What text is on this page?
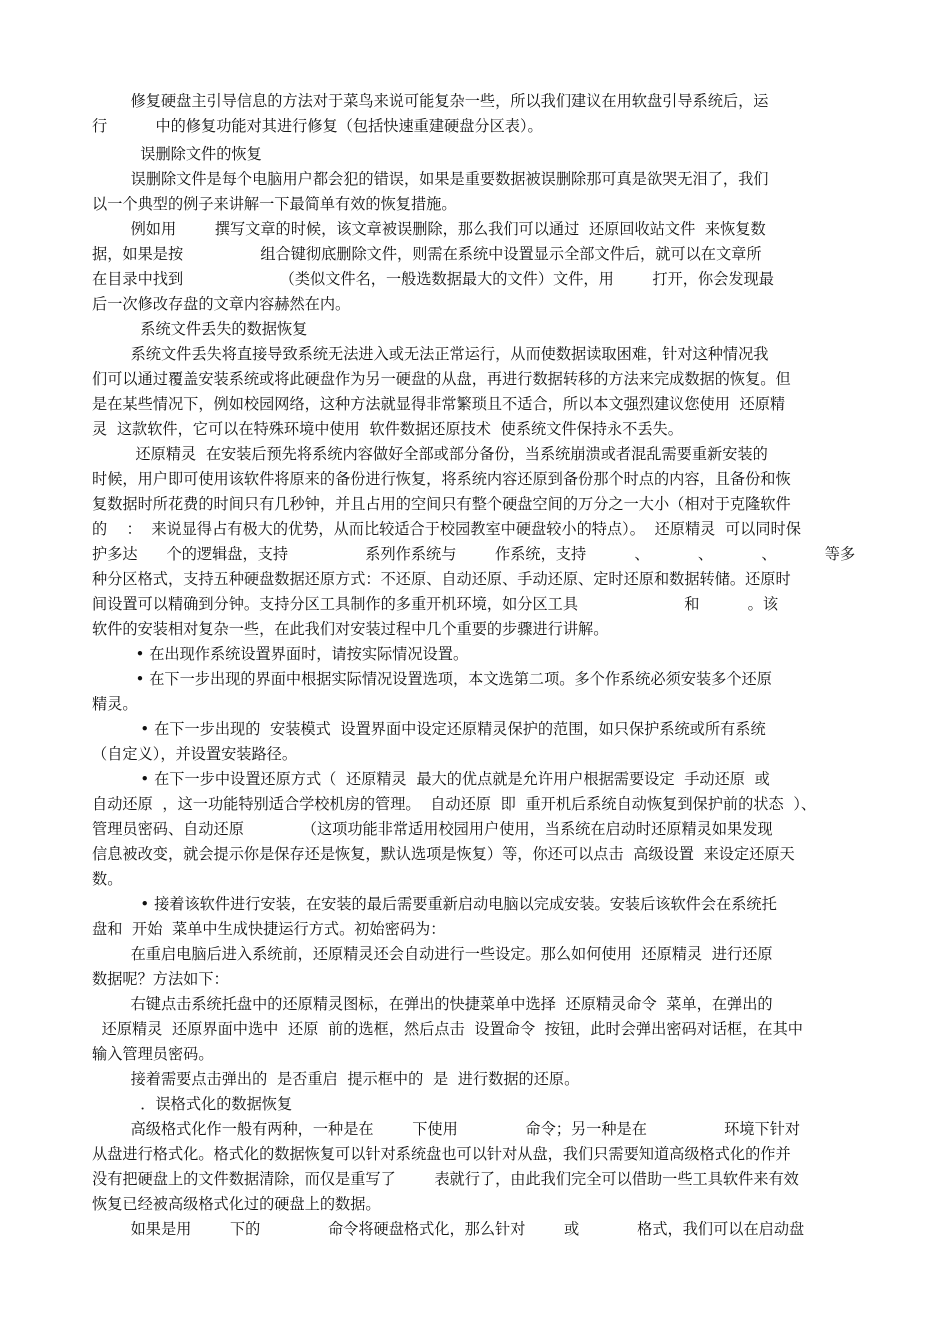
修复硬盘主引导信息的方法对于菜鸟来说可能复杂一些，所以我们建议在用软盘引导系统后，运
行          中的修复功能对其进行修复（包括快速重建硬盘分区表）。
误删除文件的恢复
误删除文件是每个电脑用户都会犯的错误，如果是重要数据被误删除那可真是欲哭无泪了，我们
以一个典型的例子来讲解一下最简单有效的恢复措施。
例如用        撰写文章的时候，该文章被误删除，那么我们可以通过  还原回收站文件  来恢复数
据，如果是按                组合键彻底删除文件，则需在系统中设置显示全部文件后，就可以在文章所
在目录中找到                    （类似文件名，一般选数据最大的文件）文件，用        打开，你会发现最
后一次修改存盘的文章内容赫然在内。
系统文件丢失的数据恢复
系统文件丢失将直接导致系统无法进入或无法正常运行，从而使数据读取困难，针对这种情况我
们可以通过覆盖安装系统或将此硬盘作为另一硬盘的从盘，再进行数据转移的方法来完成数据的恢复。但
是在某些情况下，例如校园网络，这种方法就显得非常繁琐且不适合，所以本文强烈建议您使用  还原精
灵  这款软件，它可以在特殊环境中使用  软件数据还原技术  使系统文件保持永不丢失。
还原精灵  在安装后预先将系统内容做好全部或部分备份，当系统崩溃或者混乱需要重新安装的
时候，用户即可使用该软件将原来的备份进行恢复，将系统内容还原到备份那个时点的内容，且备份和恢
复数据时所花费的时间只有几秒钟，并且占用的空间只有整个硬盘空间的万分之一大小（相对于克隆软件
的    ：  来说显得占有极大的优势，从而比较适合于校园教室中硬盘较小的特点）。  还原精灵  可以同时保
护多达      个的逻辑盘，支持                系列作系统与        作系统，支持          、          、          、          等多
种分区格式，支持五种硬盘数据还原方式：不还原、自动还原、手动还原、定时还原和数据转储。还原时
间设置可以精确到分钟。支持分区工具制作的多重开机环境，如分区工具                      和          。该
软件的安装相对复杂一些，在此我们对安装过程中几个重要的步骤进行讲解。
• 在出现作系统设置界面时，请按实际情况设置。
• 在下一步出现的界面中根据实际情况设置选项，本文选第二项。多个作系统必须安装多个还原
精灵。
• 在下一步出现的  安装模式  设置界面中设定还原精灵保护的范围，如只保护系统或所有系统
（自定义），并设置安装路径。
• 在下一步中设置还原方式（  还原精灵  最大的优点就是允许用户根据需要设定  手动还原  或
自动还原  ，这一功能特别适合学校机房的管理。  自动还原  即  重开机后系统自动恢复到保护前的状态  ）、
管理员密码、自动还原            （这项功能非常适用校园用户使用，当系统在启动时还原精灵如果发现
信息被改变，就会提示你是保存还是恢复，默认选项是恢复）等，你还可以点击  高级设置  来设定还原天
数。
• 接着该软件进行安装，在安装的最后需要重新启动电脑以完成安装。安装后该软件会在系统托
盘和  开始  菜单中生成快捷运行方式。初始密码为：
在重启电脑后进入系统前，还原精灵还会自动进行一些设定。那么如何使用  还原精灵  进行还原
数据呢？方法如下：
右键点击系统托盘中的还原精灵图标，在弹出的快捷菜单中选择  还原精灵命令  菜单，在弹出的
还原精灵  还原界面中选中  还原  前的选框，然后点击  设置命令  按钮，此时会弹出密码对话框，在其中
输入管理员密码。
接着需要点击弹出的  是否重启  提示框中的  是  进行数据的还原。
．误格式化的数据恢复
高级格式化作一般有两种，一种是在        下使用              命令；另一种是在                环境下针对
从盘进行格式化。格式化的数据恢复可以针对系统盘也可以针对从盘，我们只需要知道高级格式化的作并
没有把硬盘上的文件数据清除，而仅是重写了        表就行了，由此我们完全可以借助一些工具软件来有效
恢复已经被高级格式化过的硬盘上的数据。
如果是用        下的              命令将硬盘格式化，那么针对        或            格式，我们可以在启动盘
